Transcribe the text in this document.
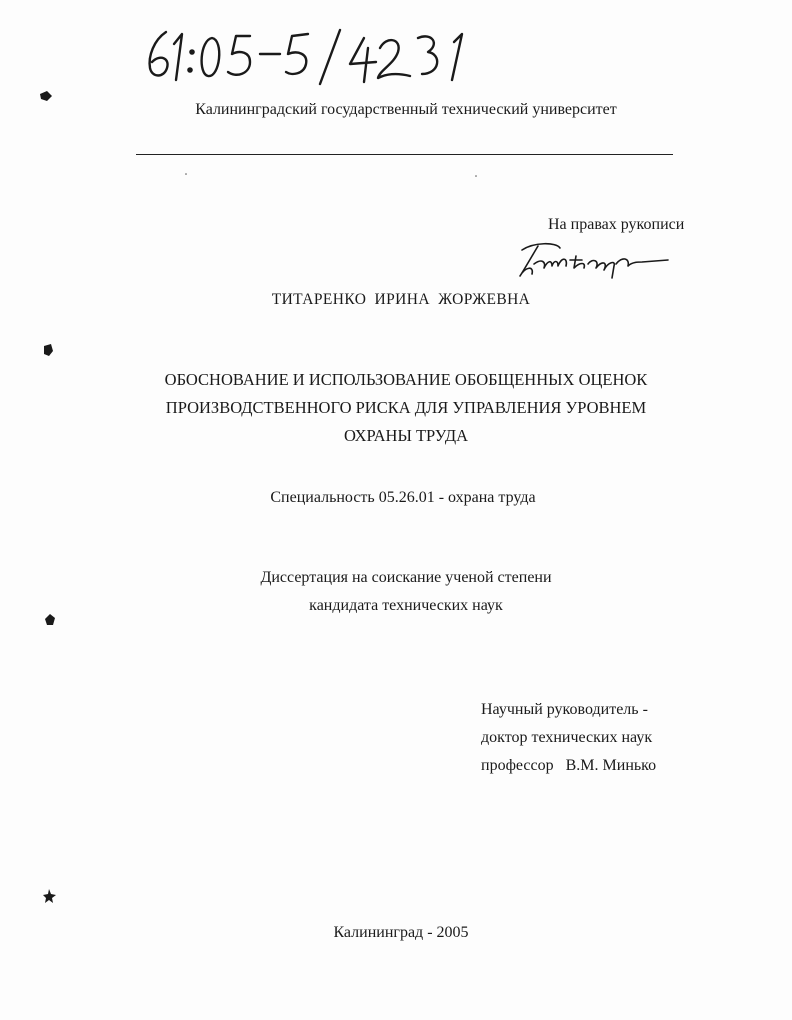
Калининградский государственный технический университет
На правах рукописи
ТИТАРЕНКО ИРИНА ЖОРЖЕВНА
ОБОСНОВАНИЕ И ИСПОЛЬЗОВАНИЕ ОБОБЩЕННЫХ ОЦЕНОК
ПРОИЗВОДСТВЕННОГО РИСКА ДЛЯ УПРАВЛЕНИЯ УРОВНЕМ
ОХРАНЫ ТРУДА
Специальность 05.26.01 - охрана труда
Диссертация на соискание ученой степени
кандидата технических наук
Научный руководитель -
доктор технических наук
профессор   В.М. Минько
Калининград - 2005
